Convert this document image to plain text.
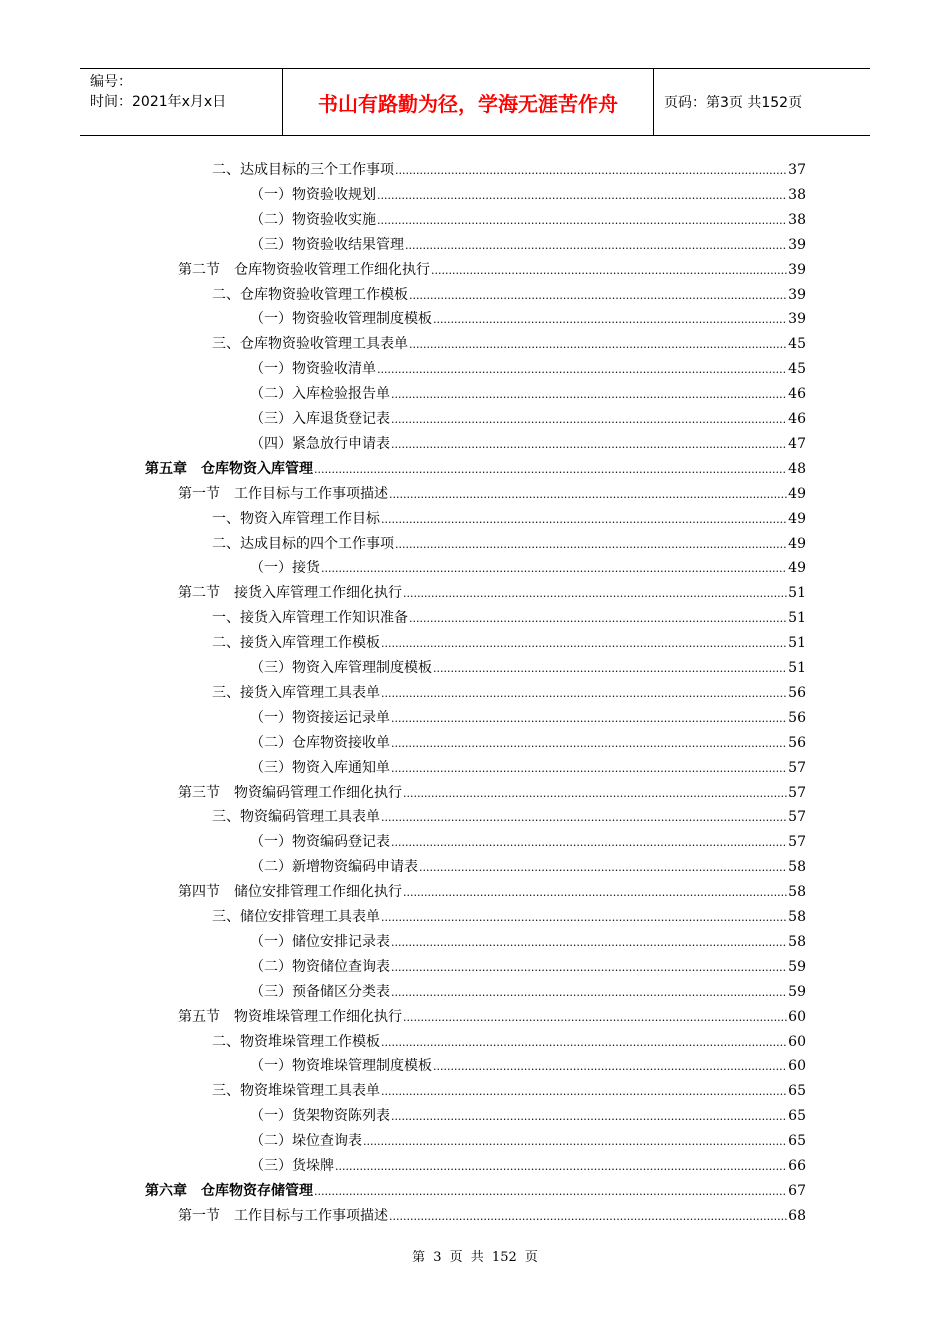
编号：
时间：2021年x月x日	书山有路勤为径，学海无涯苦作舟	页码：第3页 共152页
二、达成目标的三个工作事项 .....	37
（一）物资验收规划 .....	38
（二）物资验收实施 .....	38
（三）物资验收结果管理 .....	39
第二节　仓库物资验收管理工作细化执行 .....	39
二、仓库物资验收管理工作模板 .....	39
（一）物资验收管理制度模板 .....	39
三、仓库物资验收管理工具表单 .....	45
（一）物资验收清单 .....	45
（二）入库检验报告单 .....	46
（三）入库退货登记表 .....	46
（四）紧急放行申请表 .....	47
第五章　仓库物资入库管理 .....	48
第一节　工作目标与工作事项描述 .....	49
一、物资入库管理工作目标 .....	49
二、达成目标的四个工作事项 .....	49
（一）接货 .....	49
第二节　接货入库管理工作细化执行 .....	51
一、接货入库管理工作知识准备 .....	51
二、接货入库管理工作模板 .....	51
（三）物资入库管理制度模板 .....	51
三、接货入库管理工具表单 .....	56
（一）物资接运记录单 .....	56
（二）仓库物资接收单 .....	56
（三）物资入库通知单 .....	57
第三节　物资编码管理工作细化执行 .....	57
三、物资编码管理工具表单 .....	57
（一）物资编码登记表 .....	57
（二）新增物资编码申请表 .....	58
第四节　储位安排管理工作细化执行 .....	58
三、储位安排管理工具表单 .....	58
（一）储位安排记录表 .....	58
（二）物资储位查询表 .....	59
（三）预备储区分类表 .....	59
第五节　物资堆垛管理工作细化执行 .....	60
二、物资堆垛管理工作模板 .....	60
（一）物资堆垛管理制度模板 .....	60
三、物资堆垛管理工具表单 .....	65
（一）货架物资陈列表 .....	65
（二）垛位查询表 .....	65
（三）货垛牌 .....	66
第六章　仓库物资存储管理 .....	67
第一节　工作目标与工作事项描述 .....	68
第 3 页 共 152 页
